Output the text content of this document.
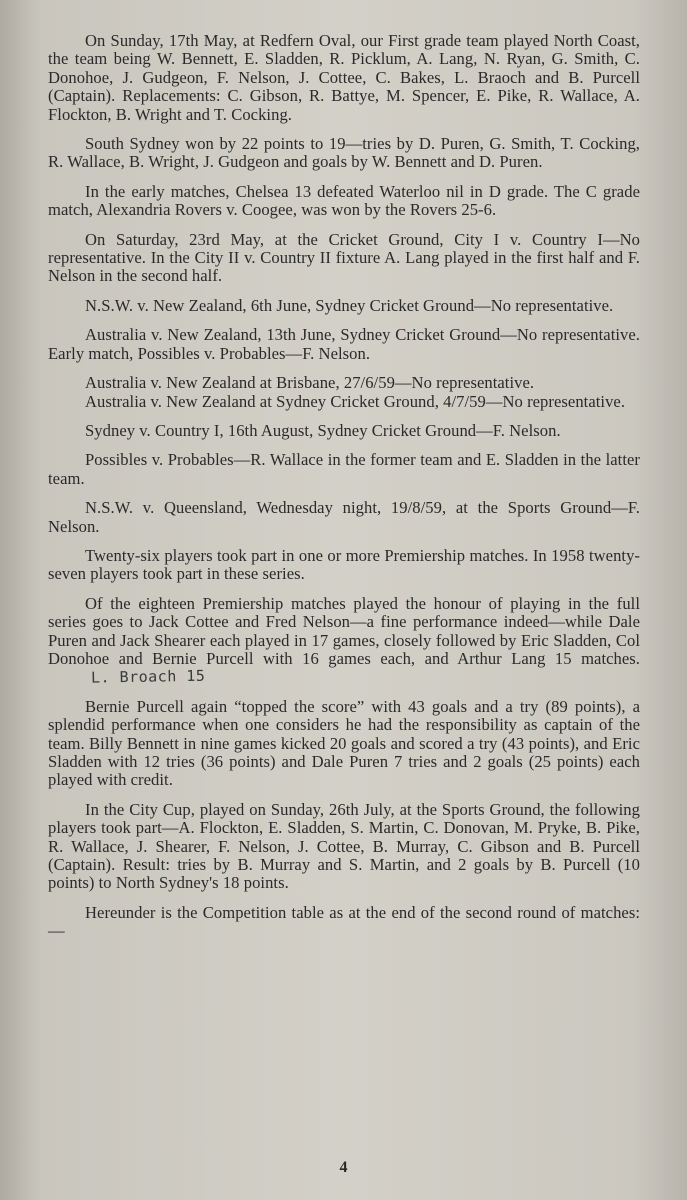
On Sunday, 17th May, at Redfern Oval, our First grade team played North Coast, the team being W. Bennett, E. Sladden, R. Picklum, A. Lang, N. Ryan, G. Smith, C. Donohoe, J. Gudgeon, F. Nelson, J. Cottee, C. Bakes, L. Braoch and B. Purcell (Captain). Replacements: C. Gibson, R. Battye, M. Spencer, E. Pike, R. Wallace, A. Flockton, B. Wright and T. Cocking.

South Sydney won by 22 points to 19—tries by D. Puren, G. Smith, T. Cocking, R. Wallace, B. Wright, J. Gudgeon and goals by W. Bennett and D. Puren.

In the early matches, Chelsea 13 defeated Waterloo nil in D grade. The C grade match, Alexandria Rovers v. Coogee, was won by the Rovers 25-6.

On Saturday, 23rd May, at the Cricket Ground, City I v. Country I—No representative. In the City II v. Country II fixture A. Lang played in the first half and F. Nelson in the second half.

N.S.W. v. New Zealand, 6th June, Sydney Cricket Ground—No representative.

Australia v. New Zealand, 13th June, Sydney Cricket Ground—No representative. Early match, Possibles v. Probables—F. Nelson.

Australia v. New Zealand at Brisbane, 27/6/59—No representative.

Australia v. New Zealand at Sydney Cricket Ground, 4/7/59—No representative.

Sydney v. Country I, 16th August, Sydney Cricket Ground—F. Nelson.

Possibles v. Probables—R. Wallace in the former team and E. Sladden in the latter team.

N.S.W. v. Queensland, Wednesday night, 19/8/59, at the Sports Ground—F. Nelson.

Twenty-six players took part in one or more Premiership matches. In 1958 twenty-seven players took part in these series.

Of the eighteen Premiership matches played the honour of playing in the full series goes to Jack Cottee and Fred Nelson—a fine performance indeed—while Dale Puren and Jack Shearer each played in 17 games, closely followed by Eric Sladden, Col Donohoe and Bernie Purcell with 16 games each, and Arthur Lang 15 matches.L. Broach 15

Bernie Purcell again “topped the score” with 43 goals and a try (89 points), a splendid performance when one considers he had the responsibility as captain of the team. Billy Bennett in nine games kicked 20 goals and scored a try (43 points), and Eric Sladden with 12 tries (36 points) and Dale Puren 7 tries and 2 goals (25 points) each played with credit.

In the City Cup, played on Sunday, 26th July, at the Sports Ground, the following players took part—A. Flockton, E. Sladden, S. Martin, C. Donovan, M. Pryke, B. Pike, R. Wallace, J. Shearer, F. Nelson, J. Cottee, B. Murray, C. Gibson and B. Purcell (Captain). Result: tries by B. Murray and S. Martin, and 2 goals by B. Purcell (10 points) to North Sydney's 18 points.

Hereunder is the Competition table as at the end of the second round of matches:—

4
